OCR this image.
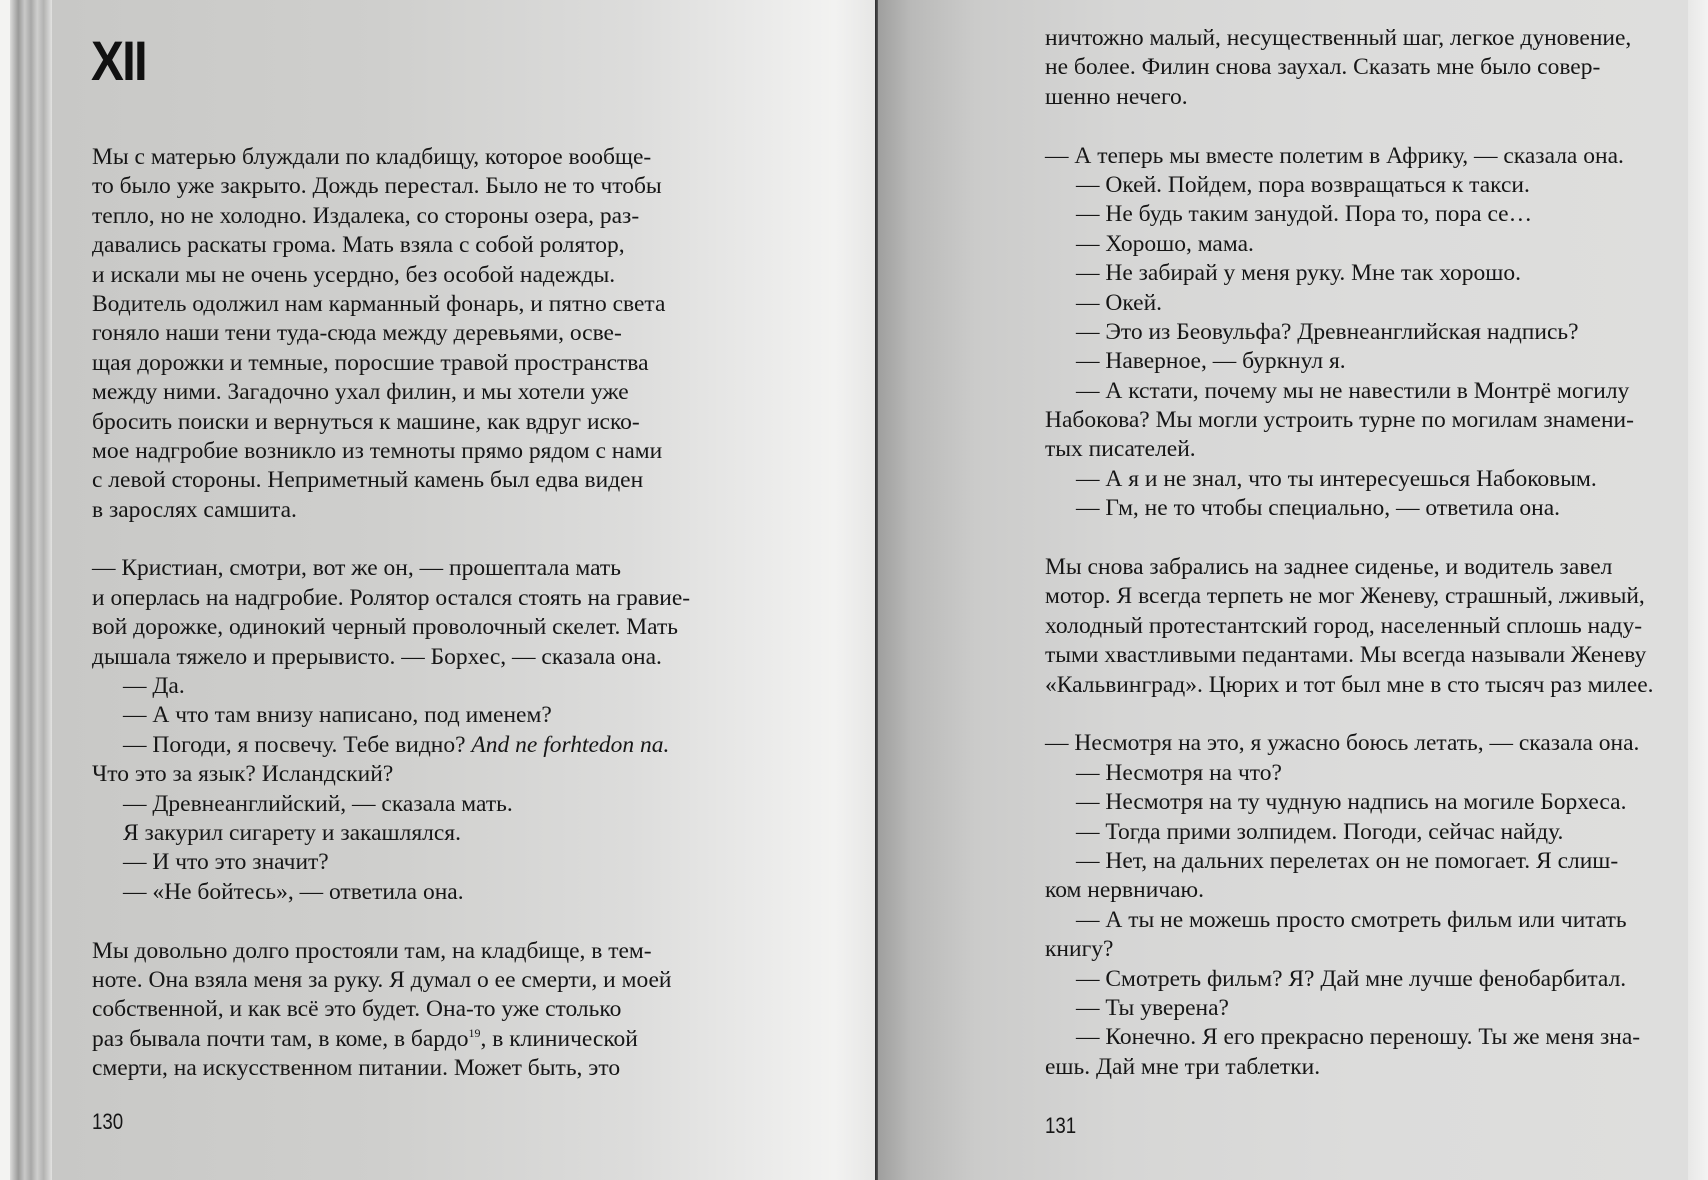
XII
Мы с матерью блуждали по кладбищу, которое вообще-
то было уже закрыто. Дождь перестал. Было не то чтобы
тепло, но не холодно. Издалека, со стороны озера, раз-
давались раскаты грома. Мать взяла с собой ролятор,
и искали мы не очень усердно, без особой надежды.
Водитель одолжил нам карманный фонарь, и пятно света
гоняло наши тени туда-сюда между деревьями, осве-
щая дорожки и темные, поросшие травой пространства
между ними. Загадочно ухал филин, и мы хотели уже
бросить поиски и вернуться к машине, как вдруг иско-
мое надгробие возникло из темноты прямо рядом с нами
с левой стороны. Неприметный камень был едва виден
в зарослях самшита.
— Кристиан, смотри, вот же он, — прошептала мать
и оперлась на надгробие. Ролятор остался стоять на гравие-
вой дорожке, одинокий черный проволочный скелет. Мать
дышала тяжело и прерывисто. — Борхес, — сказала она.
— Да.
— А что там внизу написано, под именем?
— Погоди, я посвечу. Тебе видно? And ne forhtedon na.
Что это за язык? Исландский?
— Древнеанглийский, — сказала мать.
Я закурил сигарету и закашлялся.
— И что это значит?
— «Не бойтесь», — ответила она.
Мы довольно долго простояли там, на кладбище, в тем-
ноте. Она взяла меня за руку. Я думал о ее смерти, и моей
собственной, и как всё это будет. Она-то уже столько
раз бывала почти там, в коме, в бардо$^{19}$, в клинической
смерти, на искусственном питании. Может быть, это
ничтожно малый, несущественный шаг, легкое дуновение,
не более. Филин снова заухал. Сказать мне было совер-
шенно нечего.
— А теперь мы вместе полетим в Африку, — сказала она.
— Окей. Пойдем, пора возвращаться к такси.
— Не будь таким занудой. Пора то, пора се…
— Хорошо, мама.
— Не забирай у меня руку. Мне так хорошо.
— Окей.
— Это из Беовульфа? Древнеанглийская надпись?
— Наверное, — буркнул я.
— А кстати, почему мы не навестили в Монтрё могилу
Набокова? Мы могли устроить турне по могилам знамени-
тых писателей.
— А я и не знал, что ты интересуешься Набоковым.
— Гм, не то чтобы специально, — ответила она.
Мы снова забрались на заднее сиденье, и водитель завел
мотор. Я всегда терпеть не мог Женеву, страшный, лживый,
холодный протестантский город, населенный сплошь наду-
тыми хвастливыми педантами. Мы всегда называли Женеву
«Кальвинград». Цюрих и тот был мне в сто тысяч раз милее.
— Несмотря на это, я ужасно боюсь летать, — сказала она.
— Несмотря на что?
— Несмотря на ту чудную надпись на могиле Борхеса.
— Тогда прими золпидем. Погоди, сейчас найду.
— Нет, на дальних перелетах он не помогает. Я слиш-
ком нервничаю.
— А ты не можешь просто смотреть фильм или читать
книгу?
— Смотреть фильм? Я? Дай мне лучше фенобарбитал.
— Ты уверена?
— Конечно. Я его прекрасно переношу. Ты же меня зна-
ешь. Дай мне три таблетки.
130	131
